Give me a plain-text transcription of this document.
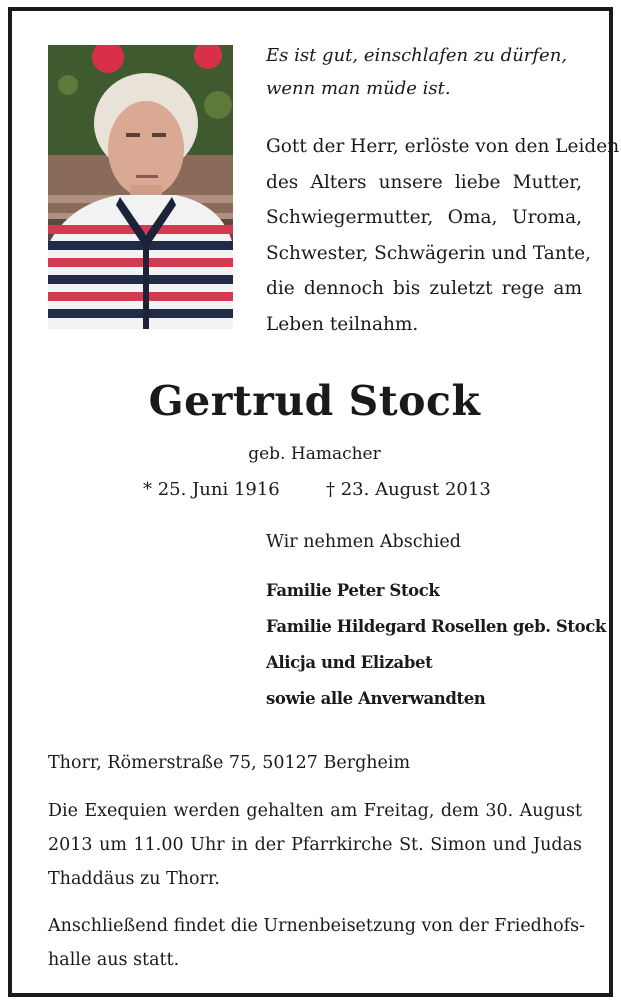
Es ist gut, einschlafen zu dürfen,
wenn man müde ist.
Gott der Herr, erlöste von den Leiden
des Alters unsere liebe Mutter,
Schwiegermutter, Oma, Uroma,
Schwester, Schwägerin und Tante,
die dennoch bis zuletzt rege am
Leben teilnahm.
Gertrud Stock
geb. Hamacher
* 25. Juni 1916	† 23. August 2013
Wir nehmen Abschied
Familie Peter Stock
Familie Hildegard Rosellen geb. Stock
Alicja und Elizabet
sowie alle Anverwandten
Thorr, Römerstraße 75, 50127 Bergheim
Die Exequien werden gehalten am Freitag, dem 30. August
2013 um 11.00 Uhr in der Pfarrkirche St. Simon und Judas
Thaddäus zu Thorr.
Anschließend findet die Urnenbeisetzung von der Friedhofs-
halle aus statt.
